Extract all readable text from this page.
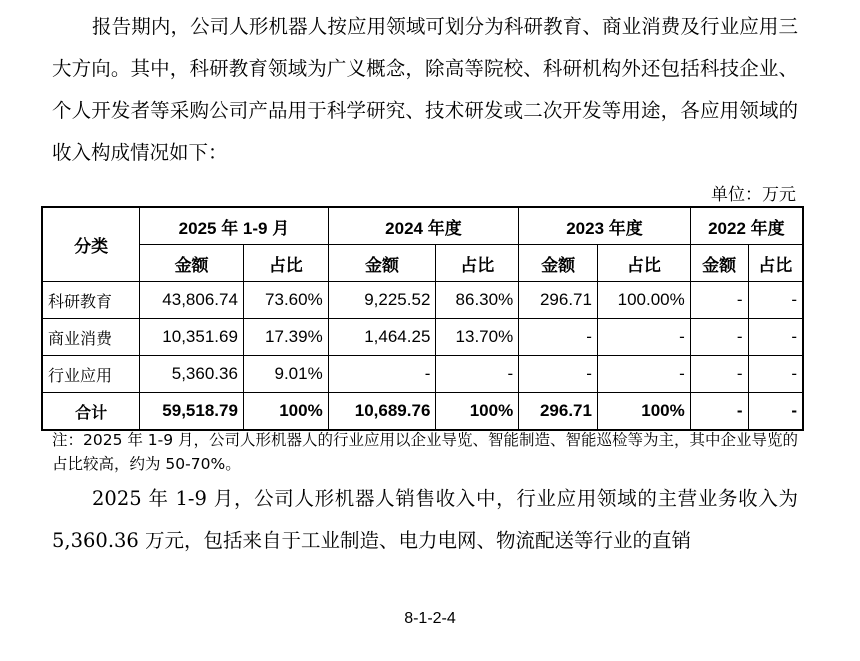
报告期内，公司人形机器人按应用领域可划分为科研教育、商业消费及行业应用三大方向。其中，科研教育领域为广义概念，除高等院校、科研机构外还包括科技企业、个人开发者等采购公司产品用于科学研究、技术研发或二次开发等用途，各应用领域的收入构成情况如下：

单位：万元
分类	2025 年 1-9 月		2024 年度		2023 年度		2022 年度	
	金额	占比	金额	占比	金额	占比	金额	占比
科研教育	43,806.74	73.60%	9,225.52	86.30%	296.71	100.00%	-	-
商业消费	10,351.69	17.39%	1,464.25	13.70%	-	-	-	-
行业应用	5,360.36	9.01%	-	-	-	-	-	-
合计	59,518.79	100%	10,689.76	100%	296.71	100%	-	-
注：2025 年 1-9 月，公司人形机器人的行业应用以企业导览、智能制造、智能巡检等为主，其中企业导览的占比较高，约为 50-70%。

2025 年 1-9 月，公司人形机器人销售收入中，行业应用领域的主营业务收入为 5,360.36 万元，包括来自于工业制造、电力电网、物流配送等行业的直销

8-1-2-4
